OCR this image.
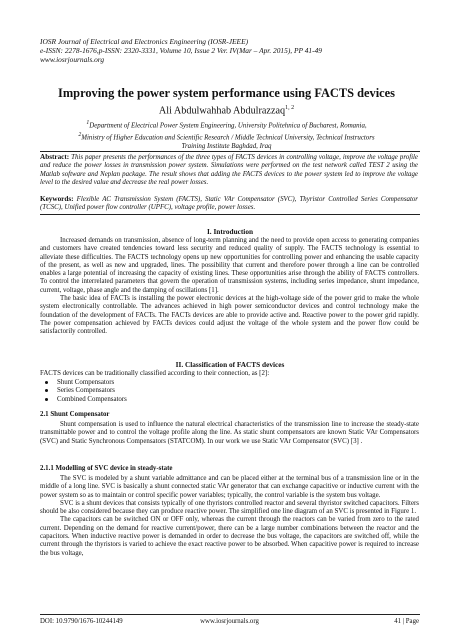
IOSR Journal of Electrical and Electronics Engineering (IOSR-JEEE)
e-ISSN: 2278-1676,p-ISSN: 2320-3331, Volume 10, Issue 2 Ver. IV(Mar – Apr. 2015), PP 41-49
www.iosrjournals.org
Improving the power system performance using FACTS devices
Ali Abdulwahhab Abdulrazzaq$^{1, 2}$
$^1$Department of Electrical Power System Engineering, University Politehnica of Bucharest, Romania,
$^2$Ministry of Higher Education and Scientific Research / Middle Technical University, Technical Instructors
Training Institute Baghdad, Iraq
Abstract: This paper presents the performances of the three types of FACTS devices in controlling voltage, improve the voltage profile and reduce the power losses in transmission power system. Simulations were performed on the test network called TEST 2 using the Matlab software and Neplan package. The result shows that adding the FACTS devices to the power system led to improve the voltage level to the desired value and decrease the real power losses.
Keywords: Flexible AC Transmission System (FACTS), Static VAr Compensator (SVC), Thyristor Controlled Series Compensator (TCSC), Unified power flow controller (UPFC), voltage profile, power losses.
I. Introduction

Increased demands on transmission, absence of long-term planning and the need to provide open access to generating companies and customers have created tendencies toward less security and reduced quality of supply. The FACTS technology is essential to alleviate these difficulties. The FACTS technology opens up new opportunities for controlling power and enhancing the usable capacity of the present, as well as new and upgraded, lines. The possibility that current and therefore power through a line can be controlled enables a large potential of increasing the capacity of existing lines. These opportunities arise through the ability of FACTS controllers. To control the interrelated parameters that govern the operation of transmission systems, including series impedance, shunt impedance, current, voltage, phase angle and the damping of oscillations [1].

The basic idea of FACTs is installing the power electronic devices at the high-voltage side of the power grid to make the whole system electronically controllable. The advances achieved in high power semiconductor devices and control technology make the foundation of the development of FACTs. The FACTs devices are able to provide active and. Reactive power to the power grid rapidly. The power compensation achieved by FACTs devices could adjust the voltage of the whole system and the power flow could be satisfactorily controlled.

II. Classification of FACTS devices
FACTS devices can be traditionally classified according to their connection, as [2]:
Shunt Compensators
Series Compensators
Combined Compensators
2.1 Shunt Compensator

Shunt compensation is used to influence the natural electrical characteristics of the transmission line to increase the steady-state transmittable power and to control the voltage profile along the line. As static shunt compensators are known Static VAr Compensators (SVC) and Static Synchronous Compensators (STATCOM). In our work we use Static VAr Compensator (SVC) [3] .

2.1.1 Modelling of SVC device in steady-state

The SVC is modeled by a shunt variable admittance and can be placed either at the terminal bus of a transmission line or in the middle of a long line. SVC is basically a shunt connected static VAr generator that can exchange capacitive or inductive current with the power system so as to maintain or control specific power variables; typically, the control variable is the system bus voltage.

SVC is a shunt devices that consists typically of one thyristors controlled reactor and several thyristor switched capacitors. Filters should be also considered because they can produce reactive power. The simplified one line diagram of an SVC is presented in Figure 1.

The capacitors can be switched ON or OFF only, whereas the current through the reactors can be varied from zero to the rated current. Depending on the demand for reactive current/power, there can be a large number combinations between the reactor and the capacitors. When inductive reactive power is demanded in order to decrease the bus voltage, the capacitors are switched off, while the current through the thyristors is varied to achieve the exact reactive power to be absorbed. When capacitive power is required to increase the bus voltage,

DOI: 10.9790/1676-10244149	www.iosrjournals.org	41 | Page
